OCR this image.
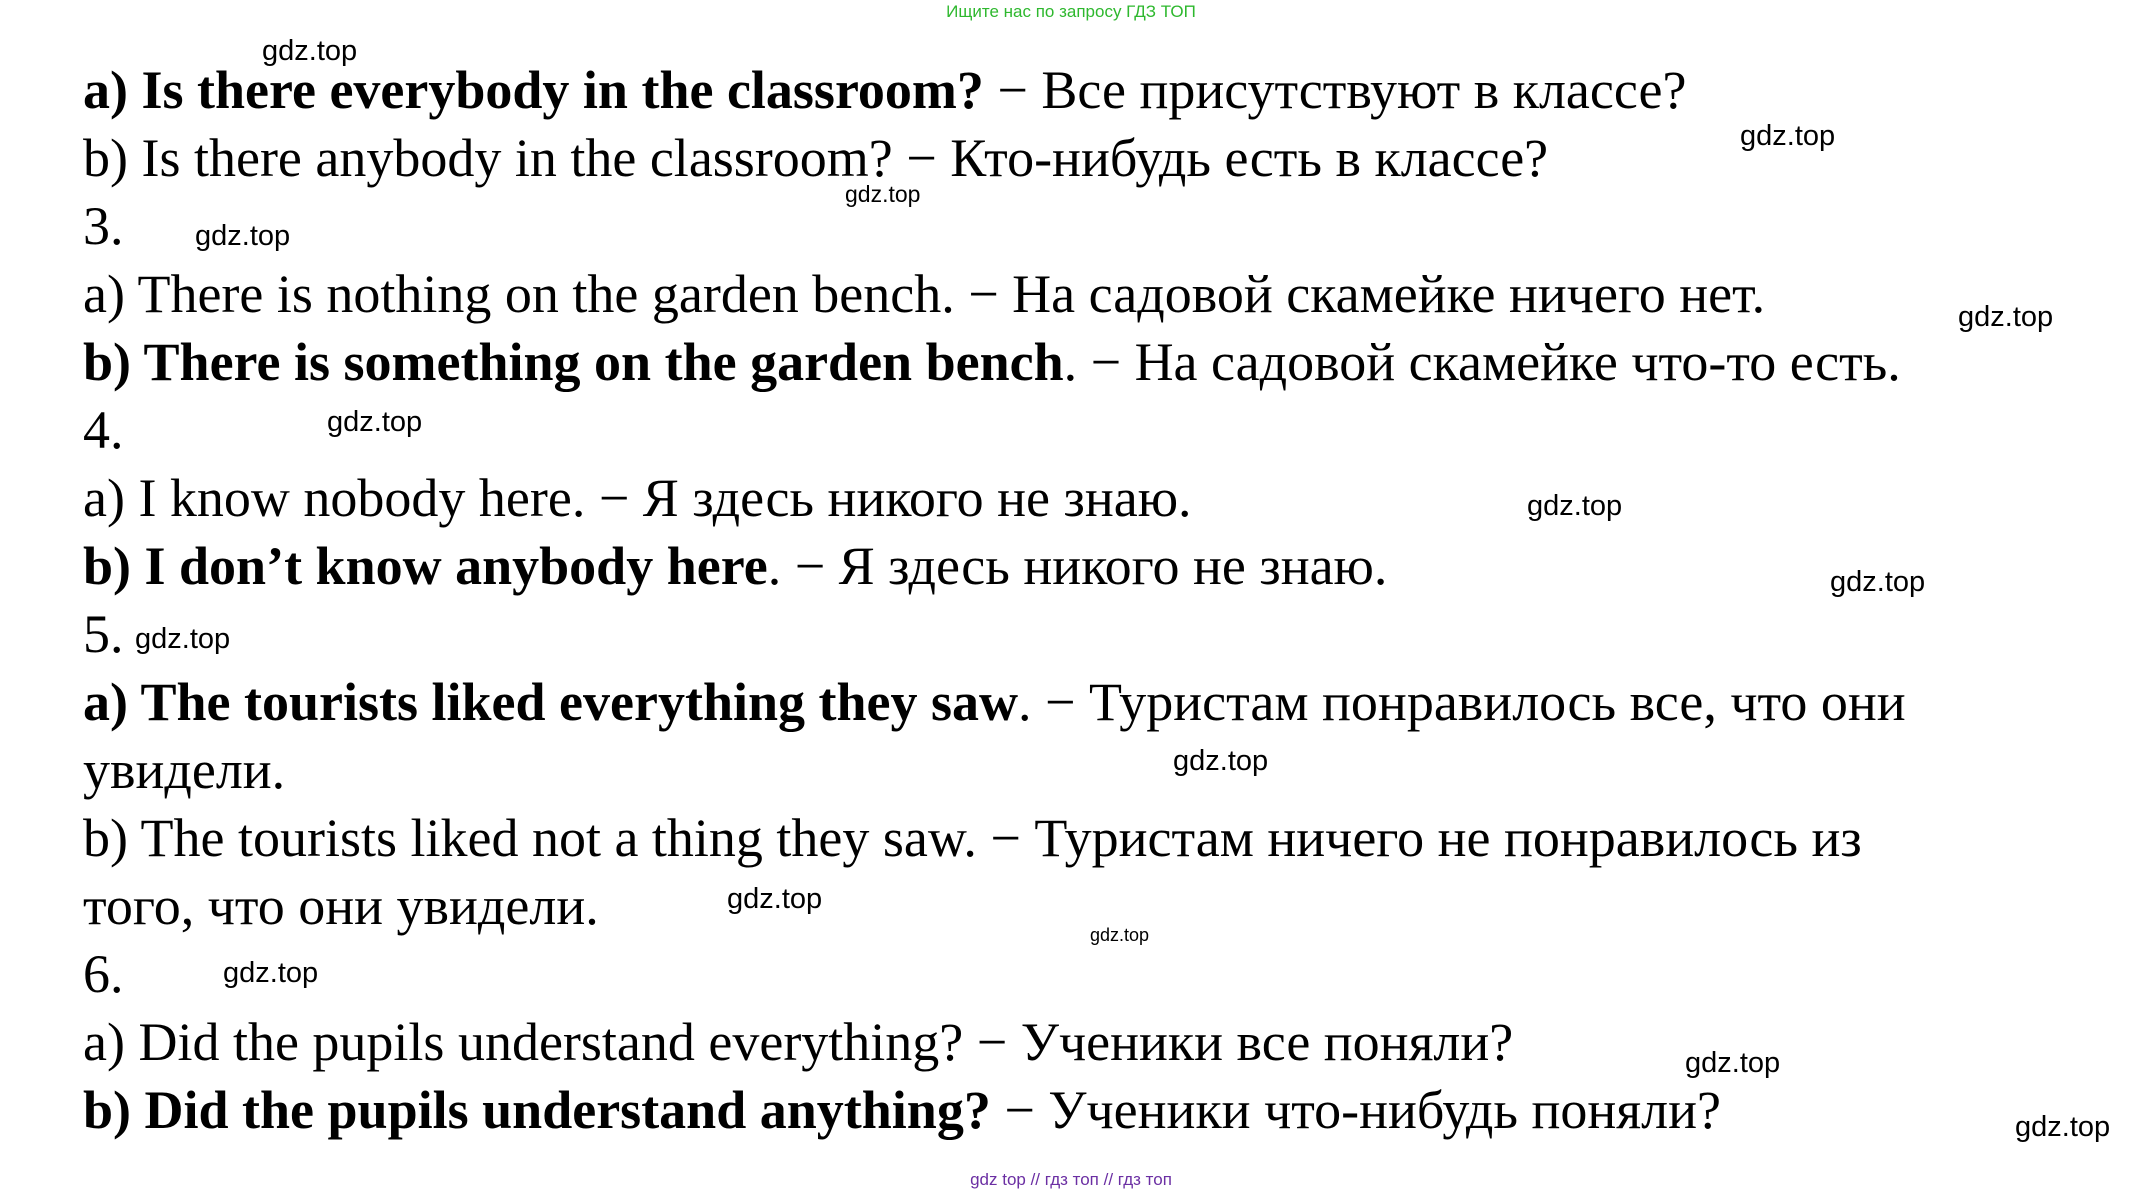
Ищите нас по запросу ГДЗ ТОП
a) Is there everybody in the classroom? − Все присутствуют в классе?
b) Is there anybody in the classroom? − Кто-нибудь есть в классе?
3.
a) There is nothing on the garden bench. − На садовой скамейке ничего нет.
b) There is something on the garden bench. − На садовой скамейке что-то есть.
4.
a) I know nobody here. − Я здесь никого не знаю.
b) I don’t know anybody here. − Я здесь никого не знаю.
5.
a) The tourists liked everything they saw. − Туристам понравилось все, что они
увидели.
b) The tourists liked not a thing they saw. − Туристам ничего не понравилось из
того, что они увидели.
6.
a) Did the pupils understand everything? − Ученики все поняли?
b) Did the pupils understand anything? − Ученики что-нибудь поняли?
gdz.top
gdz.top
gdz.top
gdz.top
gdz.top
gdz.top
gdz.top
gdz.top
gdz.top
gdz.top
gdz.top
gdz.top
gdz.top
gdz.top
gdz.top
gdz top // гдз топ // гдз топ
